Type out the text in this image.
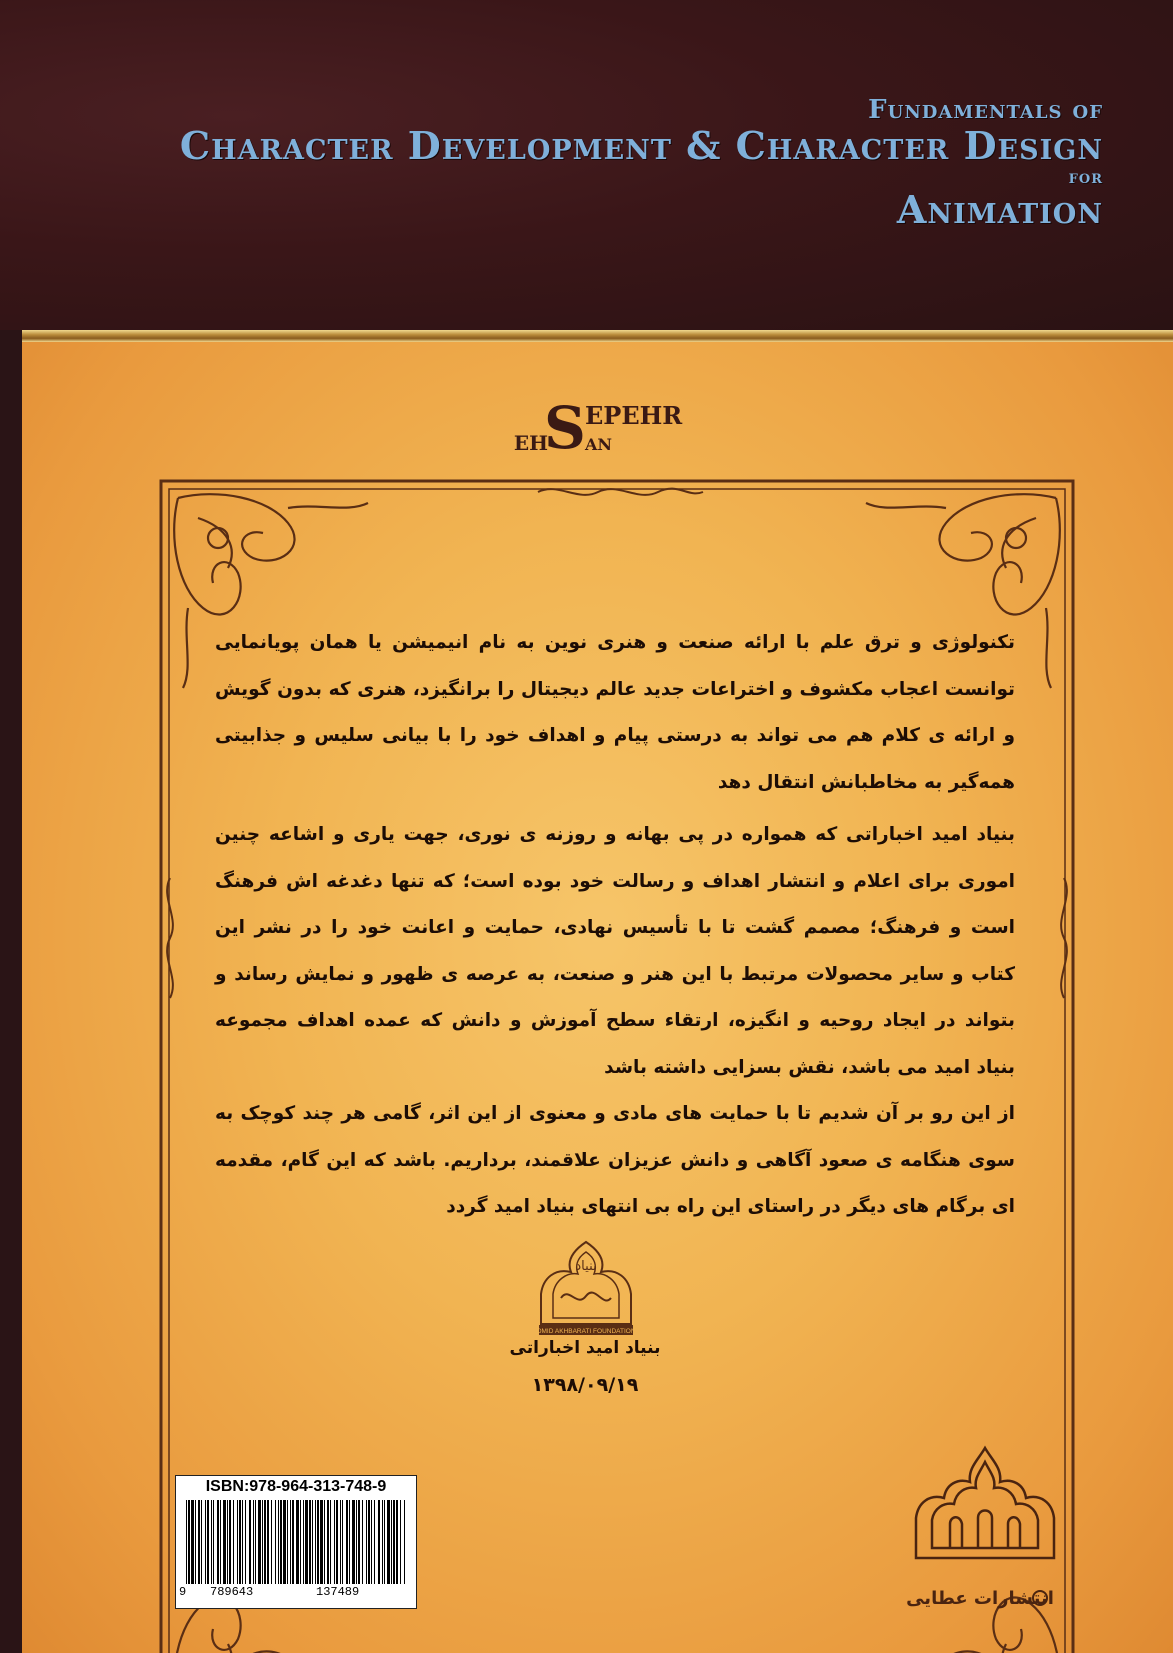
Fundamentals of
Character Development & Character Design
for
Animation
S EPEHR
EH AN

تکنولوژی و ترق علم با ارائه صنعت و هنری نوین به نام انیمیشن یا همان پویانمایی توانست اعجاب مکشوف و اختراعات جدید عالم دیجیتال را برانگیزد، هنری که بدون گویش و ارائه ی کلام هم می تواند به درستی پیام و اهداف خود را با بیانی سلیس و جذابیتی همه‌گیر به مخاطبانش انتقال دهد

بنیاد امید اخباراتی که همواره در پی بهانه و روزنه ی نوری، جهت یاری و اشاعه چنین اموری برای اعلام و انتشار اهداف و رسالت خود بوده است؛ که تنها دغدغه اش فرهنگ است و فرهنگ؛ مصمم گشت تا با تأسیس نهادی، حمایت و اعانت خود را در نشر این کتاب و سایر محصولات مرتبط با این هنر و صنعت، به عرصه ی ظهور و نمایش رساند و بتواند در ایجاد روحیه و انگیزه، ارتقاء سطح آموزش و دانش که عمده اهداف مجموعه بنیاد امید می باشد، نقش بسزایی داشته باشد

از این رو بر آن شدیم تا با حمایت های مادی و معنوی از این اثر، گامی هر چند کوچک به سوی هنگامه ی صعود آگاهی و دانش عزیزان علاقمند، برداریم. باشد که این گام، مقدمه ای برگام های دیگر در راستای این راه بی انتهای بنیاد امید گردد

بنیاد
OMID AKHBARATI FOUNDATION
بنیاد امید اخباراتی
۱۳۹۸/۰۹/۱۹
ISBN:978-964-313-748-9
9 789643	137489	انتشارات عطایی
